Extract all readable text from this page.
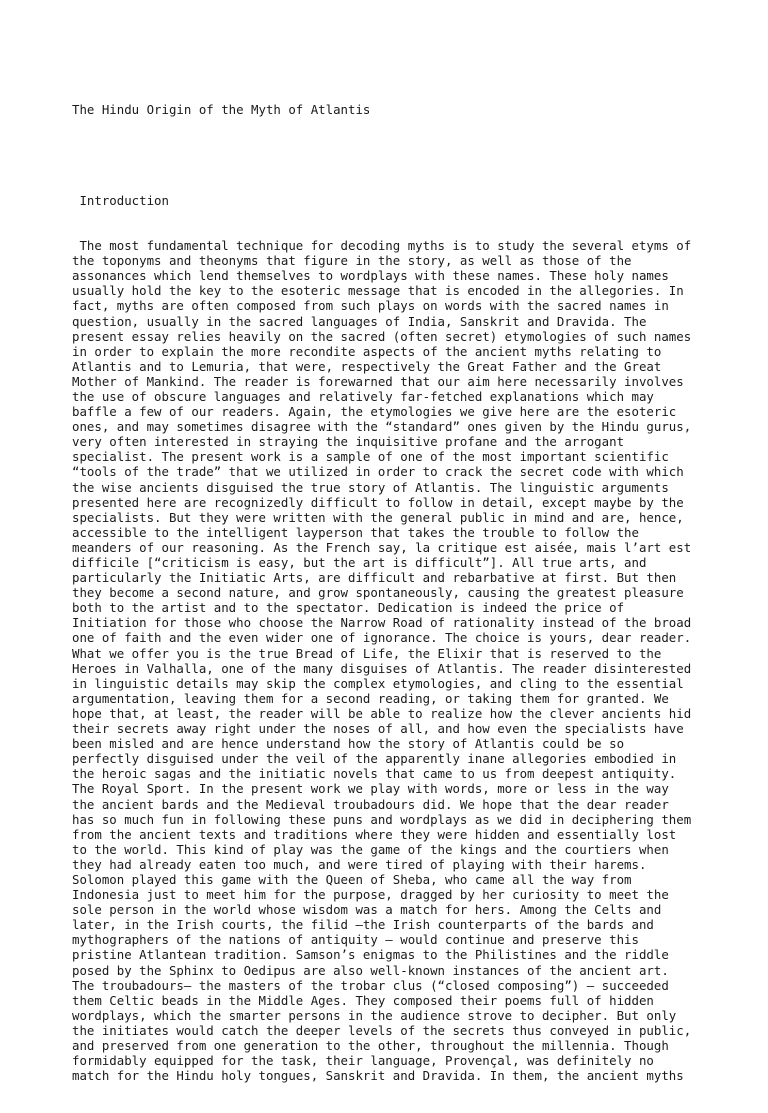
The Hindu Origin of the Myth of Atlantis

Introduction

The most fundamental technique for decoding myths is to study the several etyms of
the toponyms and theonyms that figure in the story, as well as those of the
assonances which lend themselves to wordplays with these names. These holy names
usually hold the key to the esoteric message that is encoded in the allegories. In
fact, myths are often composed from such plays on words with the sacred names in
question, usually in the sacred languages of India, Sanskrit and Dravida. The
present essay relies heavily on the sacred (often secret) etymologies of such names
in order to explain the more recondite aspects of the ancient myths relating to
Atlantis and to Lemuria, that were, respectively the Great Father and the Great
Mother of Mankind. The reader is forewarned that our aim here necessarily involves
the use of obscure languages and relatively far-fetched explanations which may
baffle a few of our readers. Again, the etymologies we give here are the esoteric
ones, and may sometimes disagree with the “standard” ones given by the Hindu gurus,
very often interested in straying the inquisitive profane and the arrogant
specialist. The present work is a sample of one of the most important scientific
“tools of the trade” that we utilized in order to crack the secret code with which
the wise ancients disguised the true story of Atlantis. The linguistic arguments
presented here are recognizedly difficult to follow in detail, except maybe by the
specialists. But they were written with the general public in mind and are, hence,
accessible to the intelligent layperson that takes the trouble to follow the
meanders of our reasoning. As the French say, la critique est aisée, mais l’art est
difficile [“criticism is easy, but the art is difficult”]. All true arts, and
particularly the Initiatic Arts, are difficult and rebarbative at first. But then
they become a second nature, and grow spontaneously, causing the greatest pleasure
both to the artist and to the spectator. Dedication is indeed the price of
Initiation for those who choose the Narrow Road of rationality instead of the broad
one of faith and the even wider one of ignorance. The choice is yours, dear reader.
What we offer you is the true Bread of Life, the Elixir that is reserved to the
Heroes in Valhalla, one of the many disguises of Atlantis. The reader disinterested
in linguistic details may skip the complex etymologies, and cling to the essential
argumentation, leaving them for a second reading, or taking them for granted. We
hope that, at least, the reader will be able to realize how the clever ancients hid
their secrets away right under the noses of all, and how even the specialists have
been misled and are hence understand how the story of Atlantis could be so
perfectly disguised under the veil of the apparently inane allegories embodied in
the heroic sagas and the initiatic novels that came to us from deepest antiquity.
The Royal Sport. In the present work we play with words, more or less in the way
the ancient bards and the Medieval troubadours did. We hope that the dear reader
has so much fun in following these puns and wordplays as we did in deciphering them
from the ancient texts and traditions where they were hidden and essentially lost
to the world. This kind of play was the game of the kings and the courtiers when
they had already eaten too much, and were tired of playing with their harems.
Solomon played this game with the Queen of Sheba, who came all the way from
Indonesia just to meet him for the purpose, dragged by her curiosity to meet the
sole person in the world whose wisdom was a match for hers. Among the Celts and
later, in the Irish courts, the filid —the Irish counterparts of the bards and
mythographers of the nations of antiquity — would continue and preserve this
pristine Atlantean tradition. Samson’s enigmas to the Philistines and the riddle
posed by the Sphinx to Oedipus are also well-known instances of the ancient art.
The troubadours— the masters of the trobar clus (“closed composing”) — succeeded
them Celtic beads in the Middle Ages. They composed their poems full of hidden
wordplays, which the smarter persons in the audience strove to decipher. But only
the initiates would catch the deeper levels of the secrets thus conveyed in public,
and preserved from one generation to the other, throughout the millennia. Though
formidably equipped for the task, their language, Provençal, was definitely no
match for the Hindu holy tongues, Sanskrit and Dravida. In them, the ancient myths
